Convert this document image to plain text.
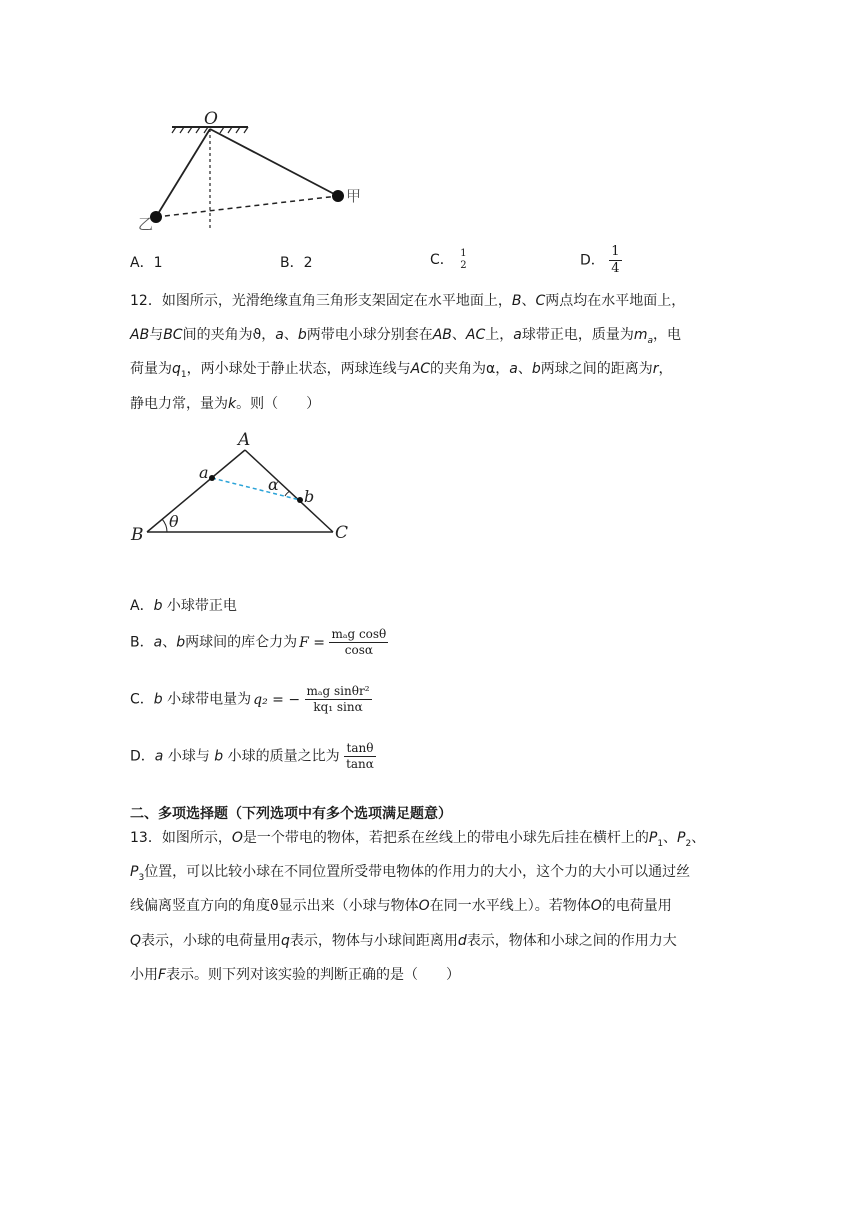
O
甲
乙
A．1	B．2	C． 1
2	D． $\frac{1}{4}$
12．如图所示，光滑绝缘直角三角形支架固定在水平地面上，B、C两点均在水平地面上，
AB与BC间的夹角为ϑ，a、b两带电小球分别套在AB、AC上，a球带正电，质量为$m_a$，电
荷量为$q_1$，两小球处于静止状态，两球连线与AC的夹角为α，a、b两球之间的距离为r，
静电力常，量为k。则（　　）
A
B	C
a
b
α
θ
A．b 小球带正电
B．a、b两球间的库仑力为 $F = \frac{\text{mₐg cosθ}}{\cos\alpha}$
C．b 小球带电量为 q₂ = − $\frac{\text{mₐg sinθr²}}{\text{kq₁ sinα}}$
D．a 小球与 b 小球的质量之比为 $\frac{\tan\theta}{\tan\alpha}$
二、多项选择题（下列选项中有多个选项满足题意）
13．如图所示，O是一个带电的物体，若把系在丝线上的带电小球先后挂在横杆上的$P_1$、$P_2$、
$P_3$位置，可以比较小球在不同位置所受带电物体的作用力的大小，这个力的大小可以通过丝
线偏离竖直方向的角度ϑ显示出来（小球与物体O在同一水平线上）。若物体O的电荷量用
Q表示，小球的电荷量用q表示，物体与小球间距离用d表示，物体和小球之间的作用力大
小用F表示。则下列对该实验的判断正确的是（　　）
